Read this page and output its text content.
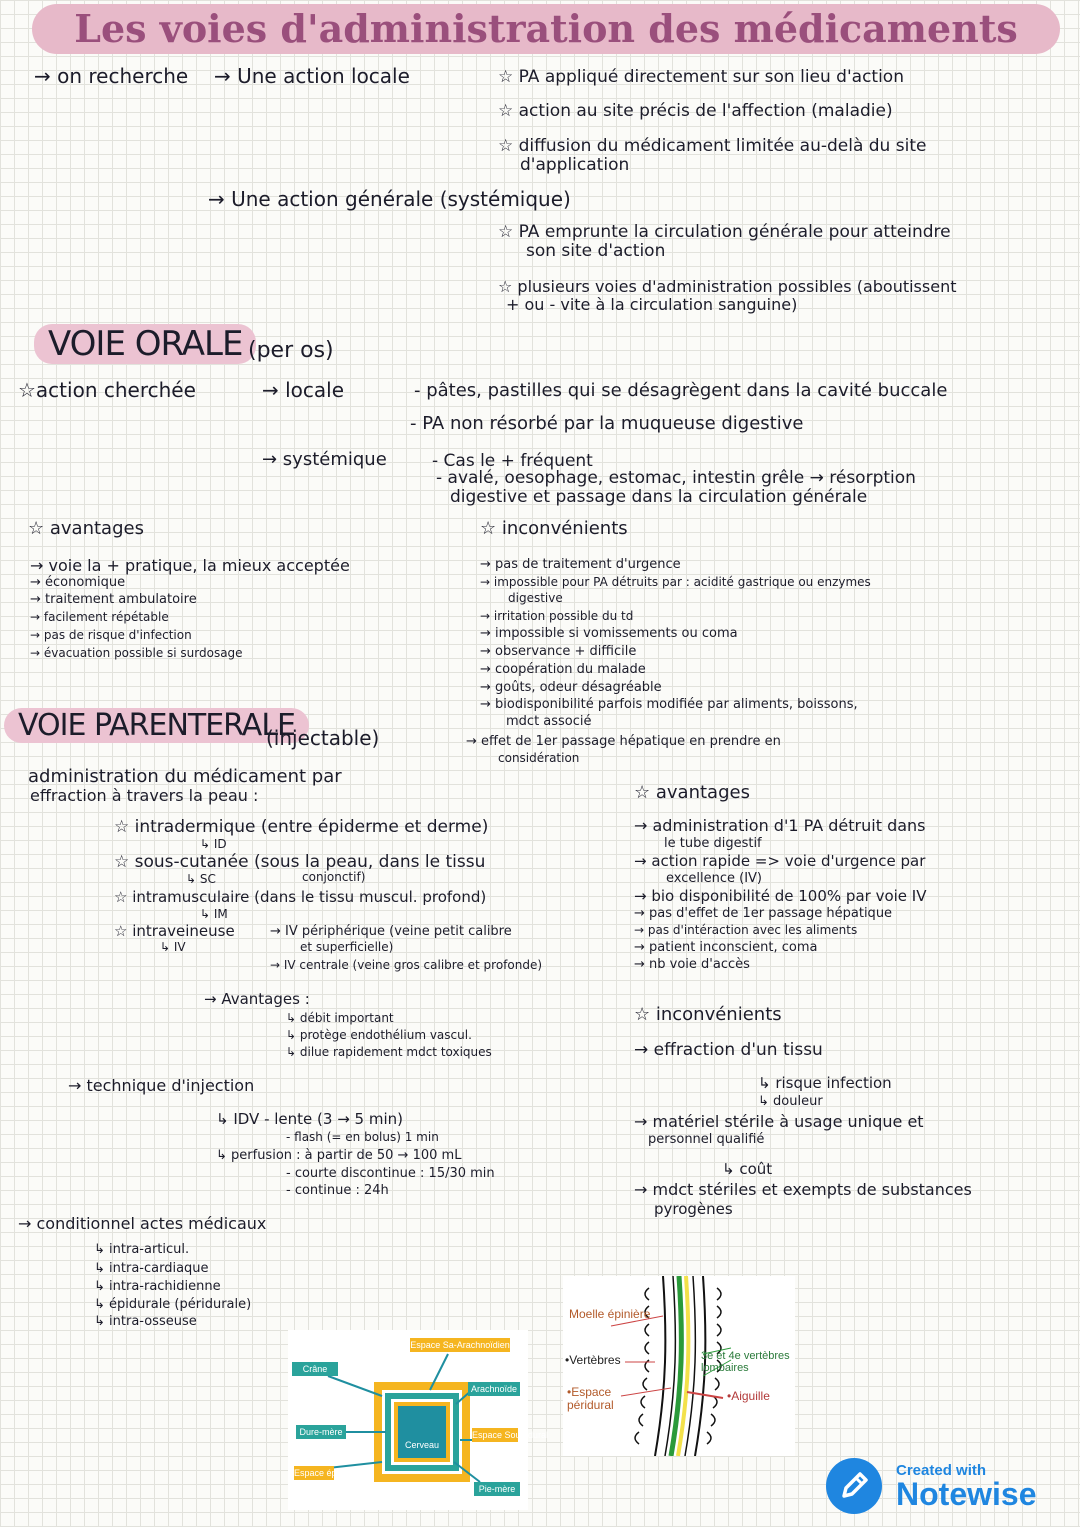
Les voies d'administration des médicaments
→ on recherche → Une action locale	☆ PA appliqué directement sur son lieu d'action
☆ action au site précis de l'affection (maladie)
☆ diffusion du médicament limitée au-delà du site
d'application
→ Une action générale (systémique)
☆ PA emprunte la circulation générale pour atteindre
son site d'action
☆ plusieurs voies d'administration possibles (aboutissent
+ ou - vite à la circulation sanguine)
VOIE ORALE (per os)
☆action cherchée	→ locale	- pâtes, pastilles qui se désagrègent dans la cavité buccale
- PA non résorbé par la muqueuse digestive
→ systémique	- Cas le + fréquent
- avalé, oesophage, estomac, intestin grêle → résorption
digestive et passage dans la circulation générale
☆ avantages
→ voie la + pratique, la mieux acceptée
→ économique
→ traitement ambulatoire
→ facilement répétable
→ pas de risque d'infection
→ évacuation possible si surdosage
☆ inconvénients
→ pas de traitement d'urgence
→ impossible pour PA détruits par : acidité gastrique ou enzymes
digestive
→ irritation possible du td
→ impossible si vomissements ou coma
→ observance + difficile
→ coopération du malade
→ goûts, odeur désagréable
→ biodisponibilité parfois modifiée par aliments, boissons,
mdct associé
→ effet de 1er passage hépatique en prendre en
considération
VOIE PARENTERALE
(injectable)
administration du médicament par
effraction à travers la peau :
☆ intradermique (entre épiderme et derme)
↳ ID
☆ sous-cutanée (sous la peau, dans le tissu
↳ SC	conjonctif)
☆ intramusculaire (dans le tissu muscul. profond)
↳ IM
☆ intraveineuse
↳ IV
→ IV périphérique (veine petit calibre
et superficielle)
→ IV centrale (veine gros calibre et profonde)
→ Avantages :
↳ débit important
↳ protège endothélium vascul.
↳ dilue rapidement mdct toxiques
→ technique d'injection
↳ IDV - lente (3 → 5 min)
- flash (= en bolus) 1 min
↳ perfusion : à partir de 50 → 100 mL
- courte discontinue : 15/30 min
- continue : 24h
→ conditionnel actes médicaux
↳ intra-articul.
↳ intra-cardiaque
↳ intra-rachidienne
↳ épidurale (péridurale)
↳ intra-osseuse
☆ avantages
→ administration d'1 PA détruit dans
le tube digestif
→ action rapide => voie d'urgence par
excellence (IV)
→ bio disponibilité de 100% par voie IV
→ pas d'effet de 1er passage hépatique
→ pas d'intéraction avec les aliments
→ patient inconscient, coma
→ nb voie d'accès
☆ inconvénients
→ effraction d'un tissu
↳ risque infection
↳ douleur
→ matériel stérile à usage unique et
personnel qualifié
↳ coût
→ mdct stériles et exempts de substances
pyrogènes
Espace Sa-Arachnoïdien
Crâne
Arachnoïde
Dure-mère
Cerveau
Espace Sous-dural
Espace épidural
Pie-mère
Moelle épinière
•Vertèbres
•Espace péridural
3e et 4e vertèbres lombaires
•Aiguille
Created with
Notewise
